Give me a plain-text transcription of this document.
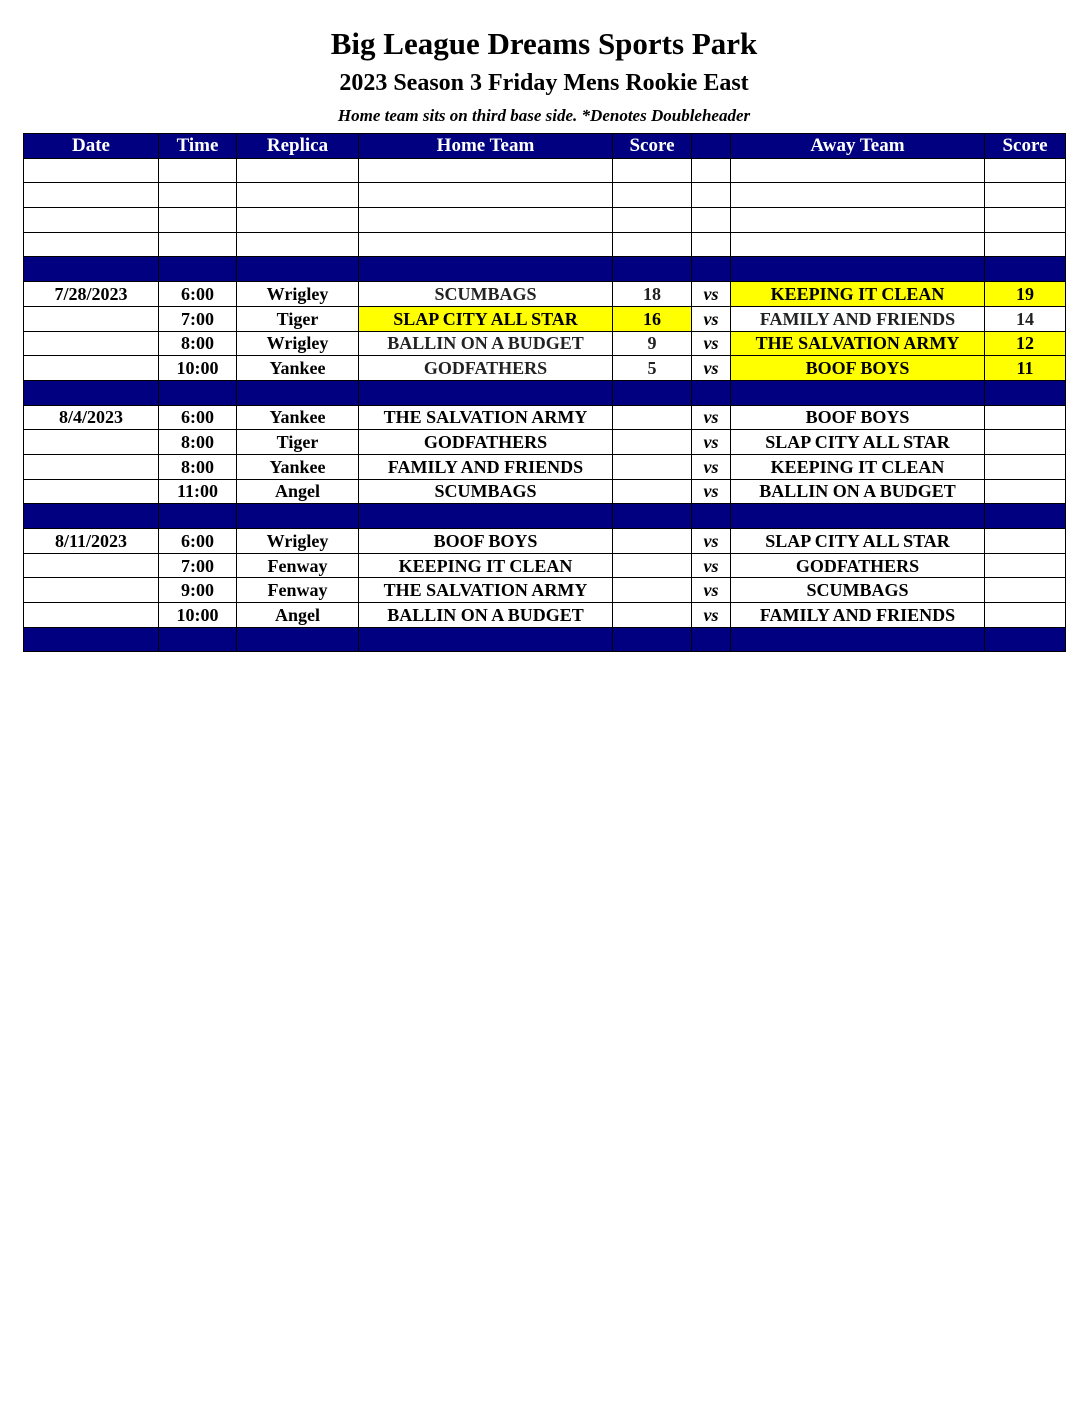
Big League Dreams Sports Park
2023 Season 3 Friday Mens Rookie East
Home team sits on third base side. *Denotes Doubleheader
Date	Time	Replica	Home Team	Score		Away Team	Score

7/28/2023	6:00	Wrigley	SCUMBAGS	18	vs	KEEPING IT CLEAN	19
	7:00	Tiger	SLAP CITY ALL STAR	16	vs	FAMILY AND FRIENDS	14
	8:00	Wrigley	BALLIN ON A BUDGET	9	vs	THE SALVATION ARMY	12
	10:00	Yankee	GODFATHERS	5	vs	BOOF BOYS	11

8/4/2023	6:00	Yankee	THE SALVATION ARMY		vs	BOOF BOYS	
	8:00	Tiger	GODFATHERS		vs	SLAP CITY ALL STAR	
	8:00	Yankee	FAMILY AND FRIENDS		vs	KEEPING IT CLEAN	
	11:00	Angel	SCUMBAGS		vs	BALLIN ON A BUDGET	

8/11/2023	6:00	Wrigley	BOOF BOYS		vs	SLAP CITY ALL STAR	
	7:00	Fenway	KEEPING IT CLEAN		vs	GODFATHERS	
	9:00	Fenway	THE SALVATION ARMY		vs	SCUMBAGS	
	10:00	Angel	BALLIN ON A BUDGET		vs	FAMILY AND FRIENDS	
